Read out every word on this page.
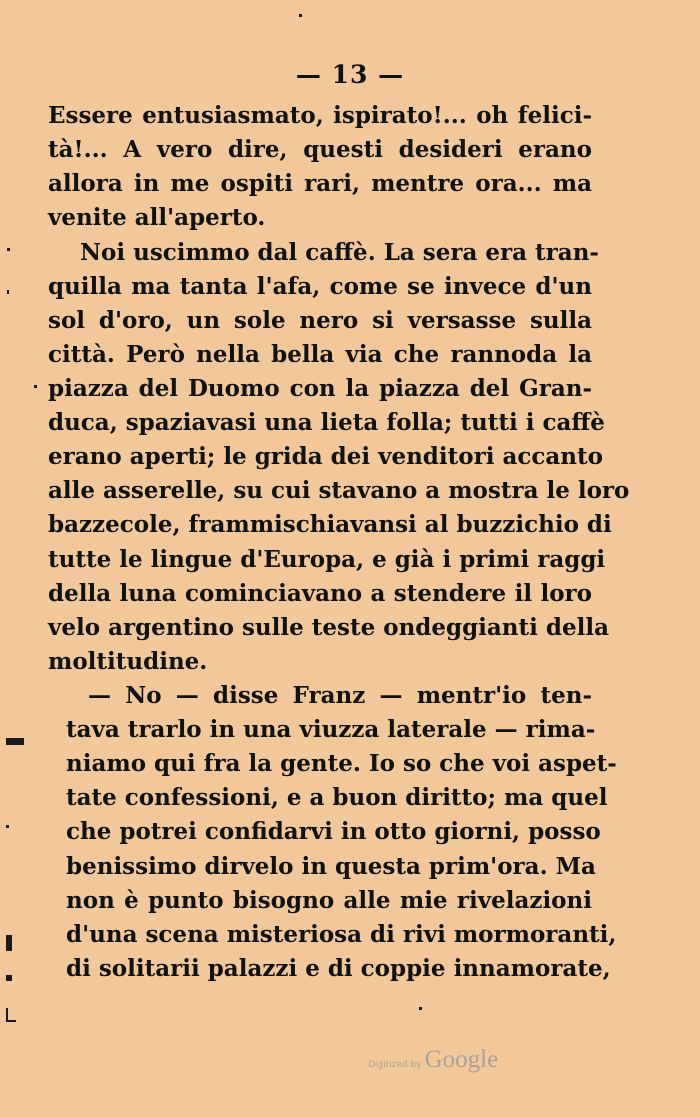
— 13 —
Essere entusiasmato, ispirato!... oh felici-
tà!... A vero dire, questi desideri erano
allora in me ospiti rari, mentre ora... ma
venite all'aperto.
Noi uscimmo dal caffè. La sera era tran-
quilla ma tanta l'afa, come se invece d'un
sol d'oro, un sole nero si versasse sulla
città. Però nella bella via che rannoda la
piazza del Duomo con la piazza del Gran-
duca, spaziavasi una lieta folla; tutti i caffè
erano aperti; le grida dei venditori accanto
alle asserelle, su cui stavano a mostra le loro
bazzecole, frammischiavansi al buzzichio di
tutte le lingue d'Europa, e già i primi raggi
della luna cominciavano a stendere il loro
velo argentino sulle teste ondeggianti della
moltitudine.
— No — disse Franz — mentr'io ten-
tava trarlo in una viuzza laterale — rima-
niamo qui fra la gente. Io so che voi aspet-
tate confessioni, e a buon diritto; ma quel
che potrei confidarvi in otto giorni, posso
benissimo dirvelo in questa prim'ora. Ma
non è punto bisogno alle mie rivelazioni
d'una scena misteriosa di rivi mormoranti,
di solitarii palazzi e di coppie innamorate,
Digitized by Google
